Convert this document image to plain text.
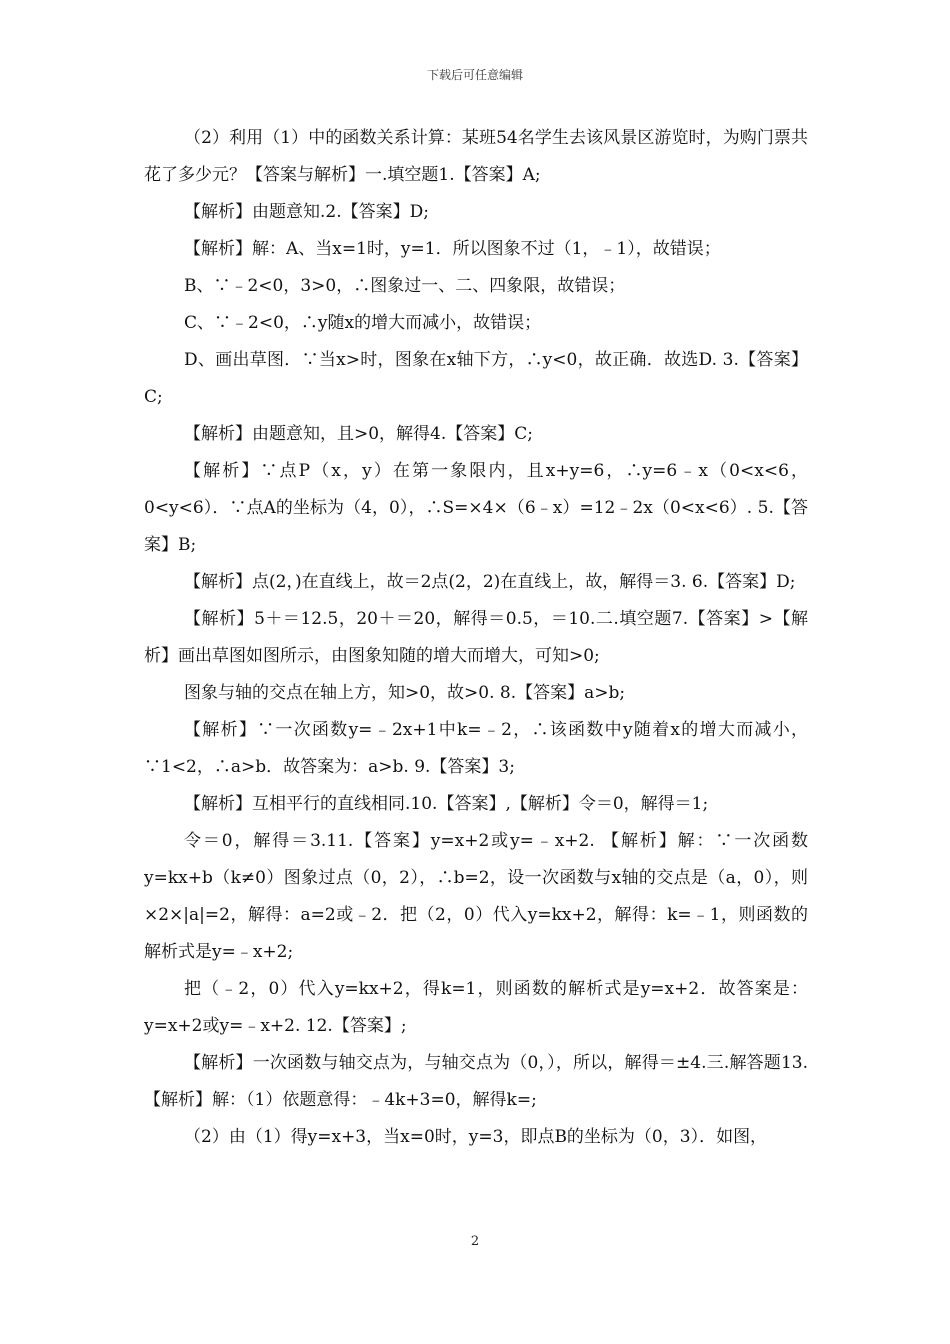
下载后可任意编辑

（2）利用（1）中的函数关系计算：某班54名学生去该风景区游览时，为购门票共花了多少元？【答案与解析】一.填空题1.【答案】A;

【解析】由题意知.2.【答案】D;

【解析】解：A、当x=1时，y=1．所以图象不过（1，﹣1），故错误；

B、∵﹣2<0，3>0，∴图象过一、二、四象限，故错误；

C、∵﹣2<0，∴y随x的增大而减小，故错误；

D、画出草图．∵当x>时，图象在x轴下方，∴y<0，故正确．故选D. 3.【答案】C;

【解析】由题意知，且>0，解得4.【答案】C;

【解析】∵点P（x，y）在第一象限内，且x+y=6，∴y=6﹣x（0<x<6，0<y<6）．∵点A的坐标为（4，0），∴S=×4×（6﹣x）=12﹣2x（0<x<6）. 5.【答案】B;

【解析】点(2，)在直线上，故＝2点(2，2)在直线上，故，解得＝3. 6.【答案】D;

【解析】5＋＝12.5，20＋＝20，解得＝0.5，＝10.二.填空题7.【答案】>【解析】画出草图如图所示，由图象知随的增大而增大，可知>0;

图象与轴的交点在轴上方，知>0，故>0. 8.【答案】a>b;

【解析】∵一次函数y=﹣2x+1中k=﹣2，∴该函数中y随着x的增大而减小，∵1<2，∴a>b．故答案为：a>b. 9.【答案】3;

【解析】互相平行的直线相同.10.【答案】,【解析】令＝0，解得＝1;

令＝0，解得＝3.11.【答案】y=x+2或y=﹣x+2. 【解析】解：∵一次函数y=kx+b（k≠0）图象过点（0，2），∴b=2，设一次函数与x轴的交点是（a，0），则×2×|a|=2，解得：a=2或﹣2．把（2，0）代入y=kx+2，解得：k=﹣1，则函数的解析式是y=﹣x+2;

把（﹣2，0）代入y=kx+2，得k=1，则函数的解析式是y=x+2．故答案是：y=x+2或y=﹣x+2. 12.【答案】;

【解析】一次函数与轴交点为，与轴交点为（0，），所以，解得＝±4.三.解答题13.【解析】解：（1）依题意得：﹣4k+3=0，解得k=;

（2）由（1）得y=x+3，当x=0时，y=3，即点B的坐标为（0，3）．如图，

2
